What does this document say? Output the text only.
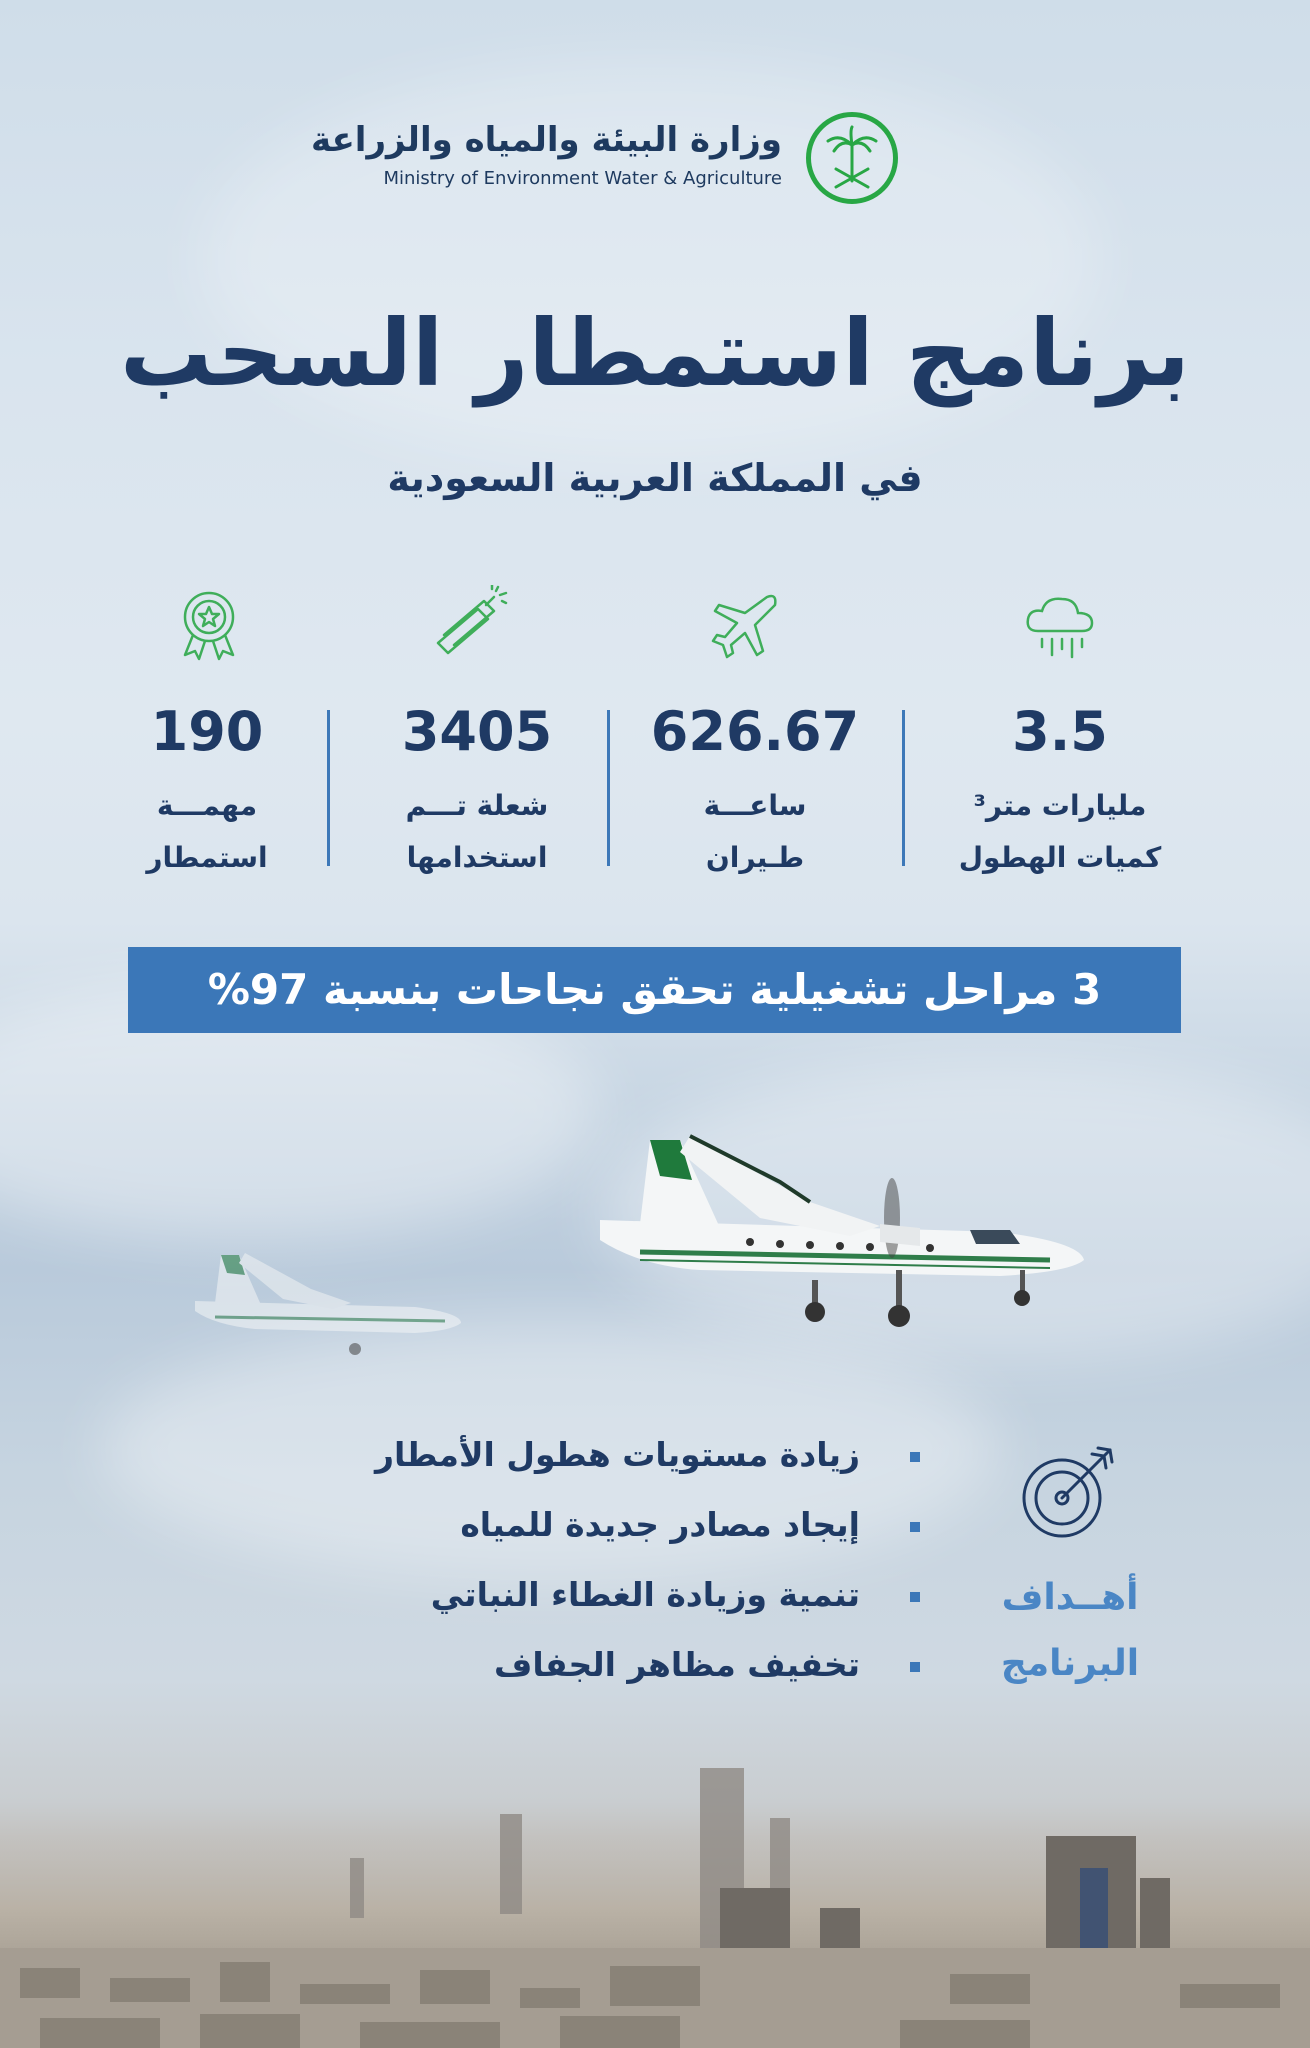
وزارة البيئة والمياه والزراعة
Ministry of Environment Water & Agriculture
برنامج استمطار السحب
في المملكة العربية السعودية
3.5
626.67
3405
190
مليارات متر³
كميات الهطول
ساعـــة
طـيران
شعلة تـــم
استخدامها
مهمـــة
استمطار
3 مراحل تشغيلية تحقق نجاحات بنسبة 97%
أهــداف
البرنامج
زيادة مستويات هطول الأمطار
إيجاد مصادر جديدة للمياه
تنمية وزيادة الغطاء النباتي
تخفيف مظاهر الجفاف
